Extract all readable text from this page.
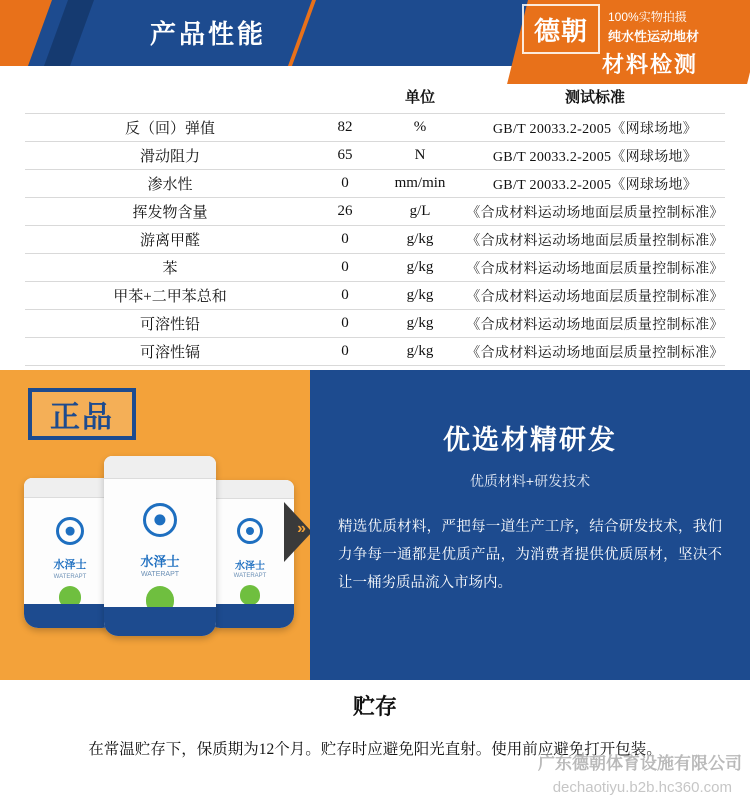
产品性能	德朝	100%实物拍摄
纯水性运动地材
材料检测
		单位	测试标准
反（回）弹值	82	%	GB/T 20033.2-2005《网球场地》
滑动阻力	65	N	GB/T 20033.2-2005《网球场地》
渗水性	0	mm/min	GB/T 20033.2-2005《网球场地》
挥发物含量	26	g/L	《合成材料运动场地面层质量控制标准》
游离甲醛	0	g/kg	《合成材料运动场地面层质量控制标准》
苯	0	g/kg	《合成材料运动场地面层质量控制标准》
甲苯+二甲苯总和	0	g/kg	《合成材料运动场地面层质量控制标准》
可溶性铅	0	g/kg	《合成材料运动场地面层质量控制标准》
可溶性镉	0	g/kg	《合成材料运动场地面层质量控制标准》

正品
水泽士
WATERAPT
水泽士
WATERAPT
水泽士
WATERAPT
»
优选材精研发
优质材料+研发技术
精选优质材料，严把每一道生产工序，结合研发技术，我们力争每一通都是优质产品，为消费者提供优质原材，坚决不让一桶劣质品流入市场内。
贮存
在常温贮存下，保质期为12个月。贮存时应避免阳光直射。使用前应避免打开包装。
广东德朝体育设施有限公司
dechaotiyu.b2b.hc360.com
